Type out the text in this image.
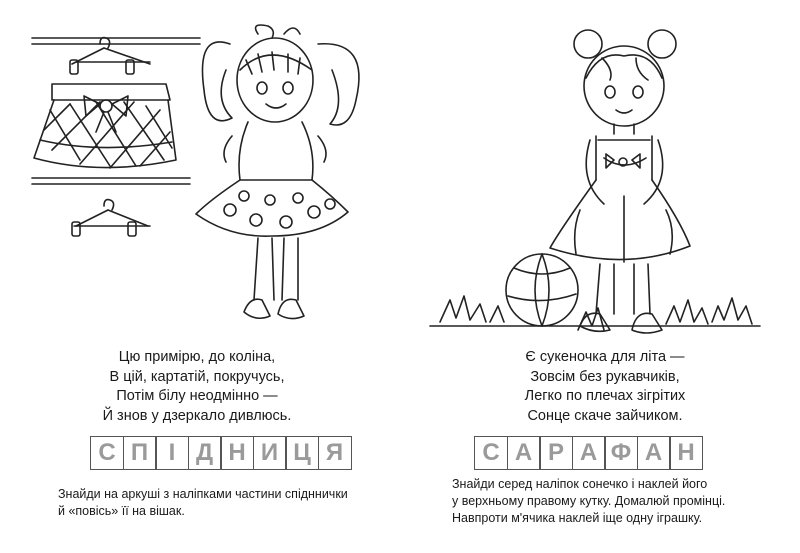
Цю примірю, до коліна,
В цій, картатій, покручусь,
Потім білу неодмінно —
Й знов у дзеркало дивлюсь.
С П І Д Н И Ц Я
Знайди на аркуші з наліпками частини спідннички
й «повісь» її на вішак.
Є сукеночка для літа —
Зовсім без рукавчиків,
Легко по плечах зігрітих
Сонце скаче зайчиком.
С А Р А Ф А Н
Знайди серед наліпок сонечко і наклей його
у верхньому правому кутку. Домалюй промінці.
Навпроти м'ячика наклей іще одну іграшку.
